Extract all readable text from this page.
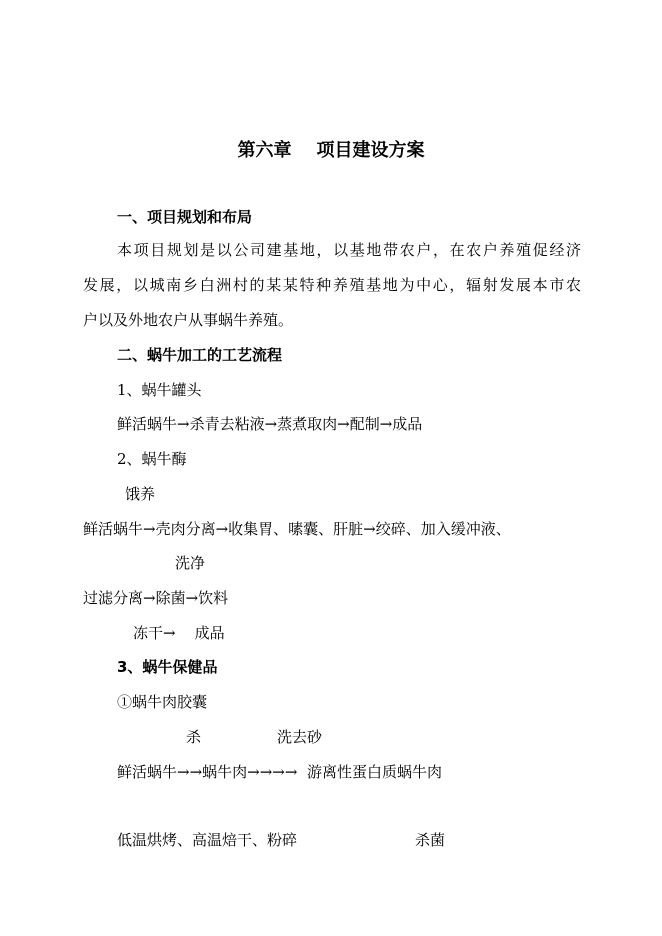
第六章    项目建设方案
一、项目规划和布局
本项目规划是以公司建基地，以基地带农户，在农户养殖促经济
发展，以城南乡白洲村的某某特种养殖基地为中心，辐射发展本市农
户以及外地农户从事蜗牛养殖。
二、蜗牛加工的工艺流程
1、蜗牛罐头
鲜活蜗牛→杀青去粘液→蒸煮取肉→配制→成品
2、蜗牛酶
饿养
鲜活蜗牛→壳肉分离→收集胃、嗉囊、肝脏→绞碎、加入缓冲液、
洗净
过滤分离→除菌→饮料
冻干→    成品
3、蜗牛保健品
①蜗牛肉胶囊
杀	洗去砂
鲜活蜗牛→→蜗牛肉→→→→  游离性蛋白质蜗牛肉
低温烘烤、高温焙干、粉碎	杀菌
